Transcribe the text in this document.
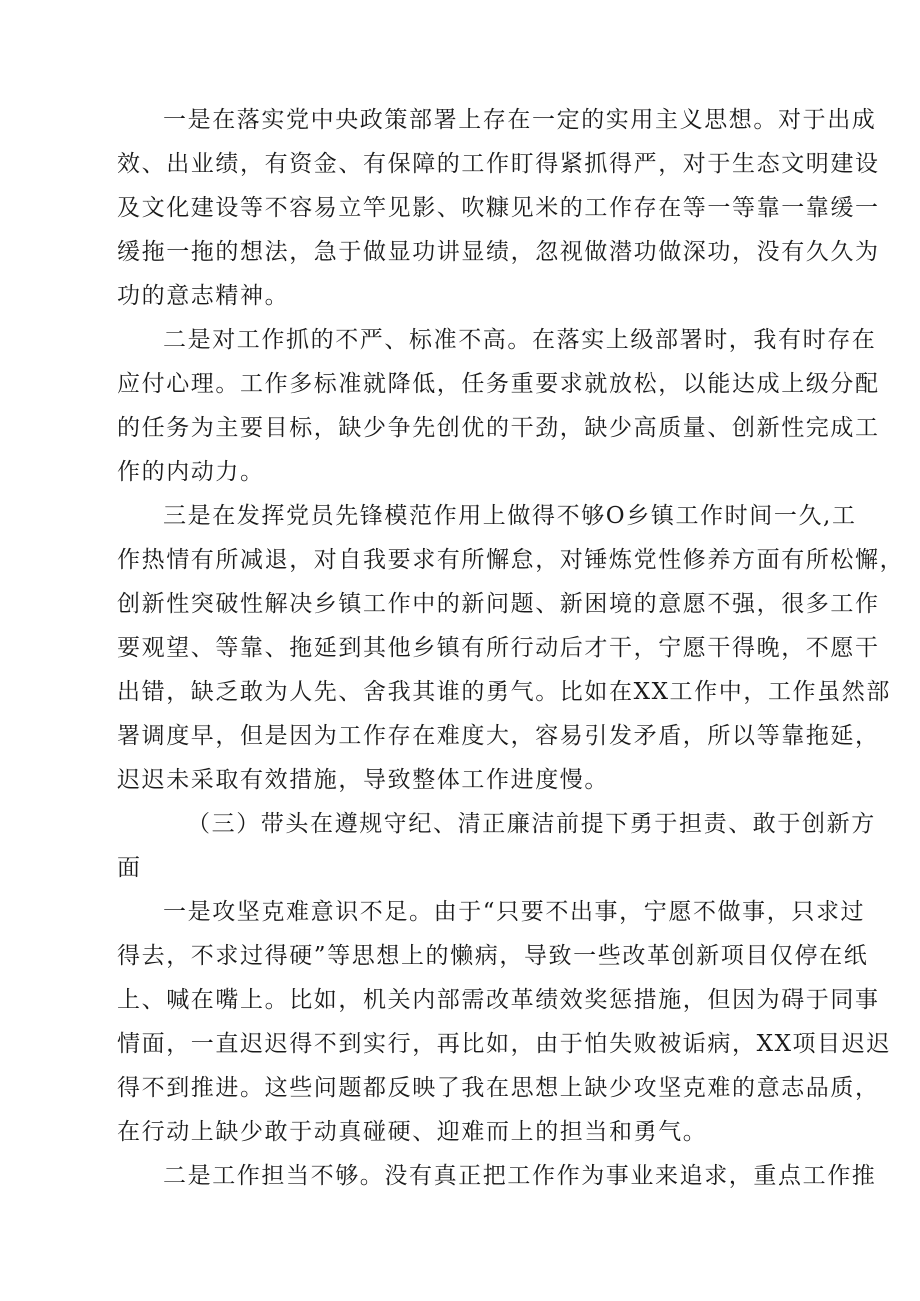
一是在落实党中央政策部署上存在一定的实用主义思想。对于出成
效、出业绩，有资金、有保障的工作盯得紧抓得严，对于生态文明建设
及文化建设等不容易立竿见影、吹糠见米的工作存在等一等靠一靠缓一
缓拖一拖的想法，急于做显功讲显绩，忽视做潜功做深功，没有久久为
功的意志精神。
二是对工作抓的不严、标准不高。在落实上级部署时，我有时存在
应付心理。工作多标准就降低，任务重要求就放松，以能达成上级分配
的任务为主要目标，缺少争先创优的干劲，缺少高质量、创新性完成工
作的内动力。
三是在发挥党员先锋模范作用上做得不够O乡镇工作时间一久,工
作热情有所减退，对自我要求有所懈怠，对锤炼党性修养方面有所松懈，
创新性突破性解决乡镇工作中的新问题、新困境的意愿不强，很多工作
要观望、等靠、拖延到其他乡镇有所行动后才干，宁愿干得晚，不愿干
出错，缺乏敢为人先、舍我其谁的勇气。比如在XX工作中，工作虽然部
署调度早，但是因为工作存在难度大，容易引发矛盾，所以等靠拖延，
迟迟未采取有效措施，导致整体工作进度慢。
（三）带头在遵规守纪、清正廉洁前提下勇于担责、敢于创新方
面
一是攻坚克难意识不足。由于“只要不出事，宁愿不做事，只求过
得去，不求过得硬”等思想上的懒病，导致一些改革创新项目仅停在纸
上、喊在嘴上。比如，机关内部需改革绩效奖惩措施，但因为碍于同事
情面，一直迟迟得不到实行，再比如，由于怕失败被诟病，XX项目迟迟
得不到推进。这些问题都反映了我在思想上缺少攻坚克难的意志品质，
在行动上缺少敢于动真碰硬、迎难而上的担当和勇气。
二是工作担当不够。没有真正把工作作为事业来追求，重点工作推
